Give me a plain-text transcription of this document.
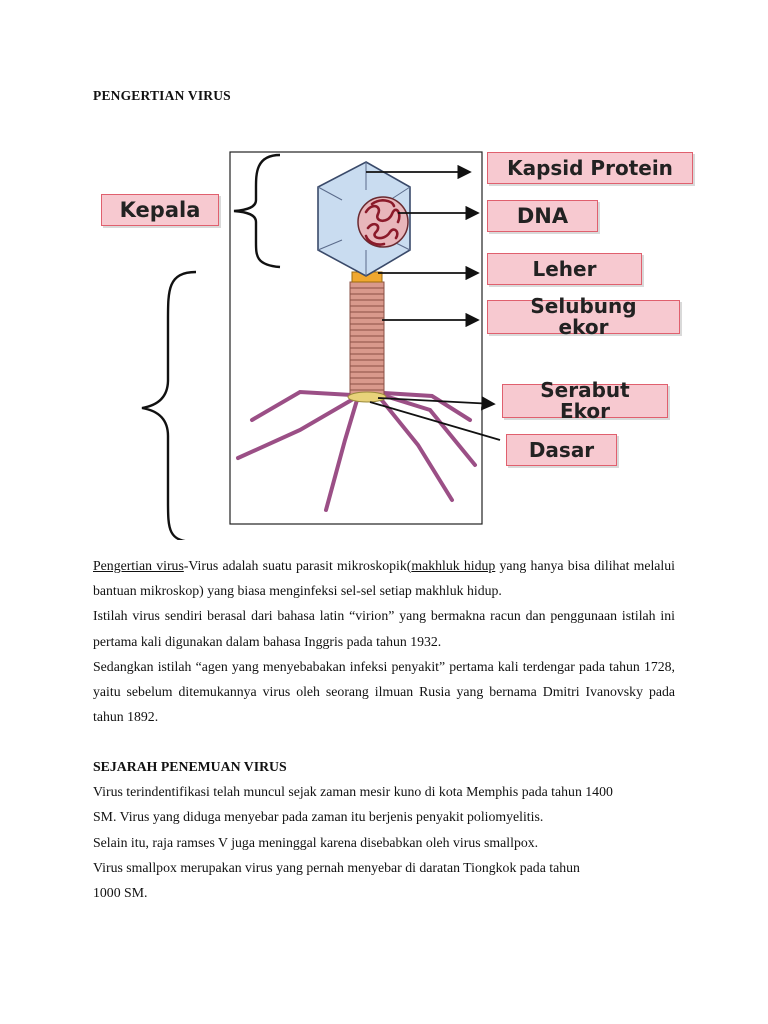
PENGERTIAN VIRUS
Kepala
Kapsid Protein
DNA
Leher
Selubung
ekor
Serabut
Ekor
Dasar

Pengertian virus-Virus adalah suatu parasit mikroskopik(makhluk hidup yang hanya bisa dilihat melalui bantuan mikroskop) yang biasa menginfeksi sel-sel setiap makhluk hidup.

Istilah virus sendiri berasal dari bahasa latin “virion” yang bermakna racun dan penggunaan istilah ini pertama kali digunakan dalam bahasa Inggris pada tahun 1932.

Sedangkan istilah “agen yang menyebabakan infeksi penyakit” pertama kali terdengar pada tahun 1728, yaitu sebelum ditemukannya virus oleh seorang ilmuan Rusia yang bernama Dmitri Ivanovsky pada tahun 1892.

SEJARAH PENEMUAN VIRUS

Virus terindentifikasi telah muncul sejak zaman mesir kuno di kota Memphis pada tahun 1400

SM. Virus yang diduga menyebar pada zaman itu berjenis penyakit poliomyelitis.

Selain itu, raja ramses V juga meninggal karena disebabkan oleh virus smallpox.

Virus smallpox merupakan virus yang pernah menyebar di daratan Tiongkok pada tahun

1000 SM.
